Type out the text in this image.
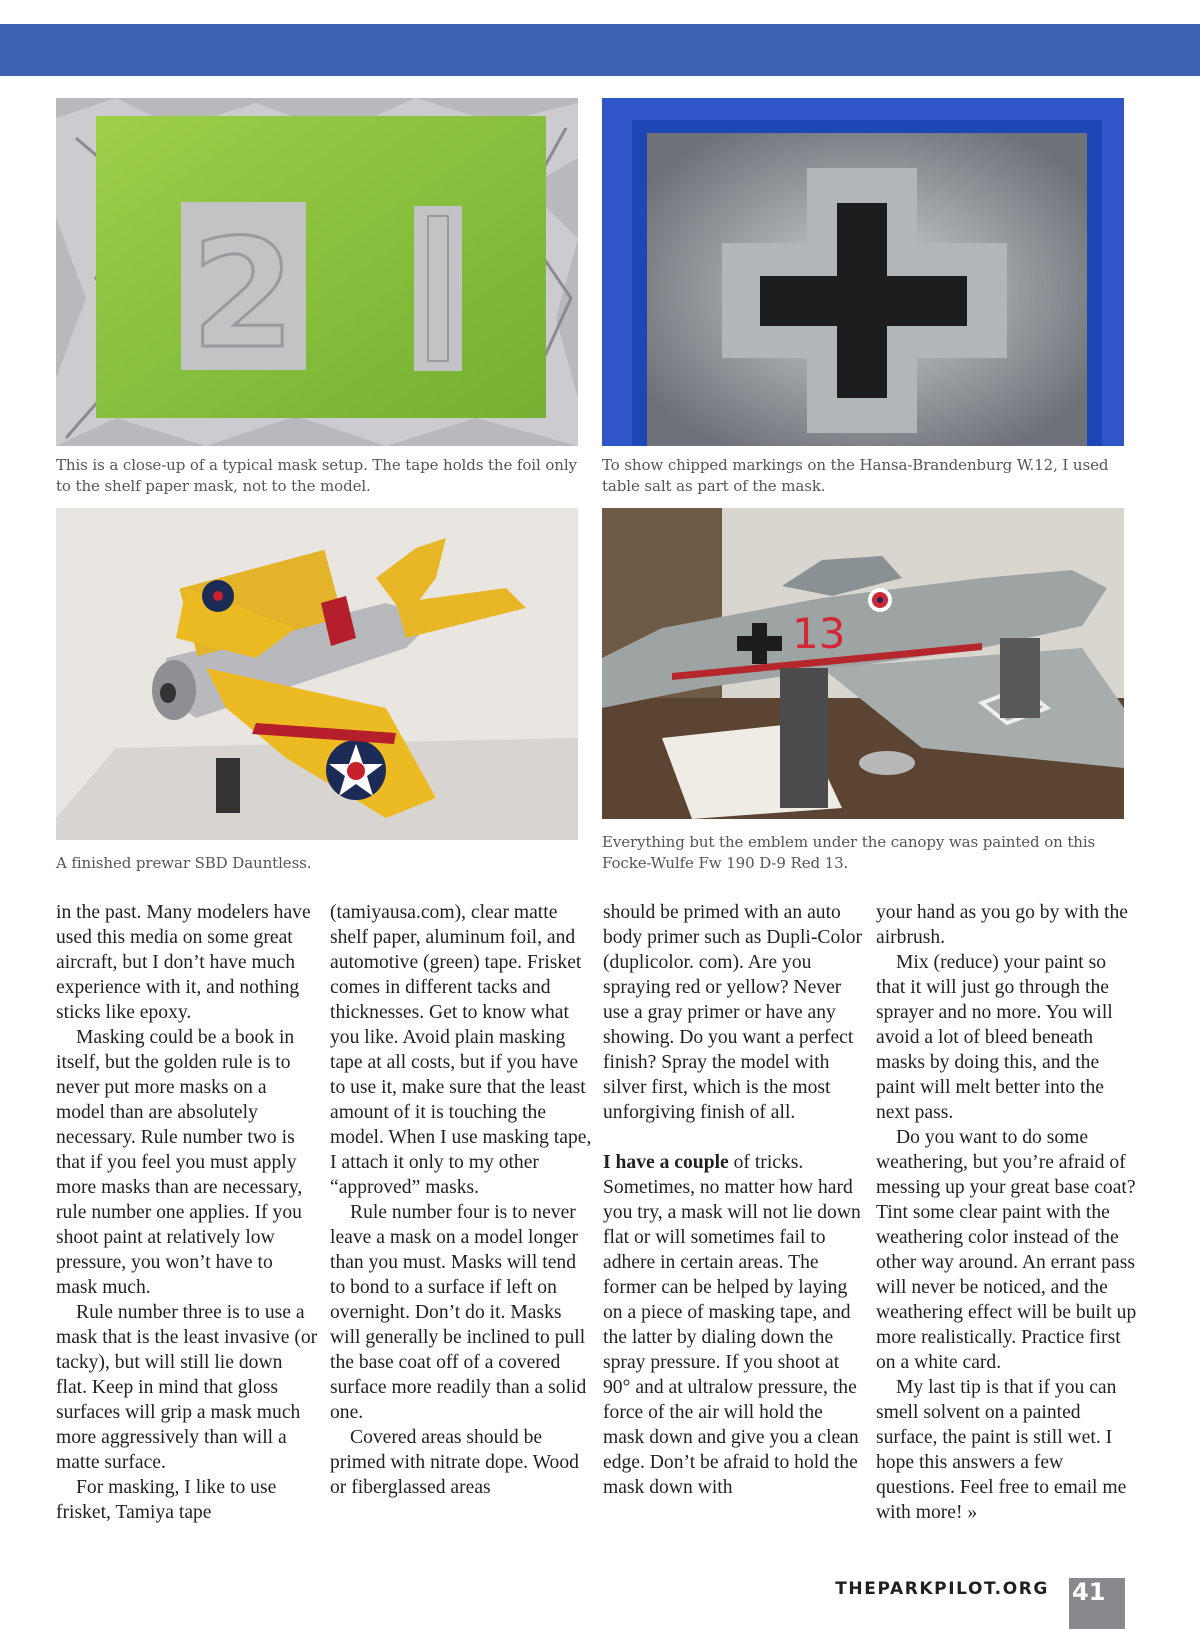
2
This is a close-up of a typical mask setup. The tape holds the foil only to the shelf paper mask, not to the model.
To show chipped markings on the Hansa-Brandenburg W.12, I used table salt as part of the mask.
A finished prewar SBD Dauntless.
13
Everything but the emblem under the canopy was painted on this Focke-Wulfe Fw 190 D-9 Red 13.

in the past. Many modelers have used this media on some great aircraft, but I don’t have much experience with it, and nothing sticks like epoxy.

Masking could be a book in itself, but the golden rule is to never put more masks on a model than are absolutely necessary. Rule number two is that if you feel you must apply more masks than are necessary, rule number one applies. If you shoot paint at relatively low pressure, you won’t have to mask much.

Rule number three is to use a mask that is the least invasive (or tacky), but will still lie down flat. Keep in mind that gloss surfaces will grip a mask much more aggressively than will a matte surface.

For masking, I like to use frisket, Tamiya tape

(tamiyausa.com), clear matte shelf paper, aluminum foil, and automotive (green) tape. Frisket comes in different tacks and thicknesses. Get to know what you like. Avoid plain masking tape at all costs, but if you have to use it, make sure that the least amount of it is touching the model. When I use masking tape, I attach it only to my other “approved” masks.

Rule number four is to never leave a mask on a model longer than you must. Masks will tend to bond to a surface if left on overnight. Don’t do it. Masks will generally be inclined to pull the base coat off of a covered surface more readily than a solid one.

Covered areas should be primed with nitrate dope. Wood or fiberglassed areas

should be primed with an auto body primer such as Dupli-Color (duplicolor. com). Are you spraying red or yellow? Never use a gray primer or have any showing. Do you want a perfect finish? Spray the model with silver first, which is the most unforgiving finish of all.

I have a couple of tricks. Sometimes, no matter how hard you try, a mask will not lie down flat or will sometimes fail to adhere in certain areas. The former can be helped by laying on a piece of masking tape, and the latter by dialing down the spray pressure. If you shoot at 90° and at ultralow pressure, the force of the air will hold the mask down and give you a clean edge. Don’t be afraid to hold the mask down with

your hand as you go by with the airbrush.

Mix (reduce) your paint so that it will just go through the sprayer and no more. You will avoid a lot of bleed beneath masks by doing this, and the paint will melt better into the next pass.

Do you want to do some weathering, but you’re afraid of messing up your great base coat? Tint some clear paint with the weathering color instead of the other way around. An errant pass will never be noticed, and the weathering effect will be built up more realistically. Practice first on a white card.

My last tip is that if you can smell solvent on a painted surface, the paint is still wet. I hope this answers a few questions. Feel free to email me with more! »

THEPARKPILOT.ORG 41
